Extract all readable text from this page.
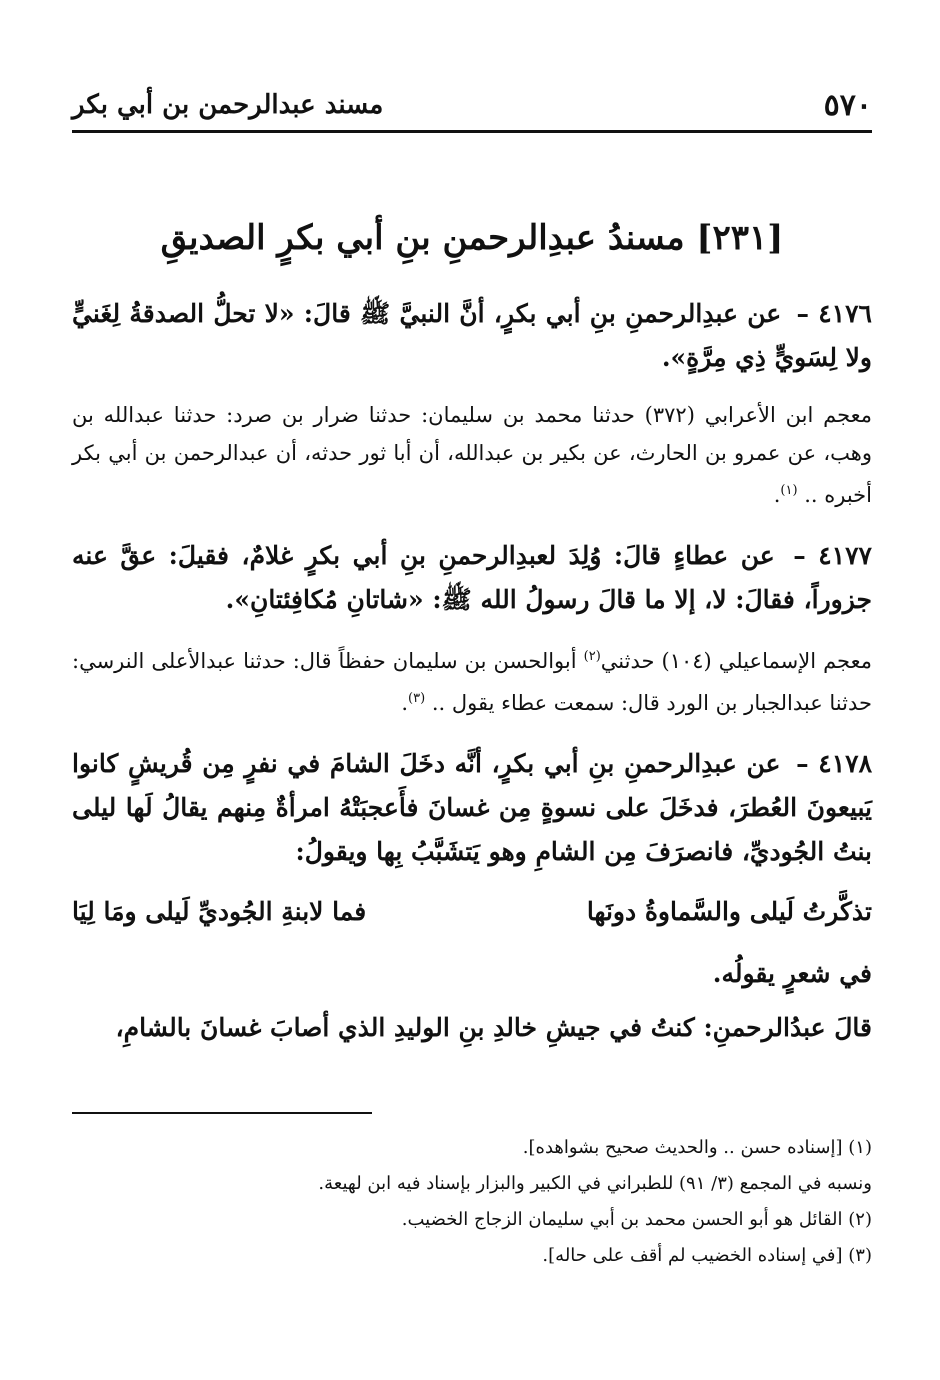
٥٧٠
مسند عبدالرحمن بن أبي بكر
[٢٣١] مسندُ عبدِالرحمنِ بنِ أبي بكرٍ الصديقِ

٤١٧٦ – عن عبدِالرحمنِ بنِ أبي بكرٍ، أنَّ النبيَّ ﷺ قالَ: «لا تحلُّ الصدقةُ لِغَنيٍّ ولا لِسَويٍّ ذِي مِرَّةٍ».

معجم ابن الأعرابي (٣٧٢) حدثنا محمد بن سليمان: حدثنا ضرار بن صرد: حدثنا عبدالله بن وهب، عن عمرو بن الحارث، عن بكير بن عبدالله، أن أبا ثور حدثه، أن عبدالرحمن بن أبي بكر أخبره .. $^{(١)}$.

٤١٧٧ – عن عطاءٍ قالَ: وُلِدَ لعبدِالرحمنِ بنِ أبي بكرٍ غلامٌ، فقيلَ: عقَّ عنه جزوراً، فقالَ: لا، إلا ما قالَ رسولُ الله ﷺ: «شاتانِ مُكافِئتانِ».

معجم الإسماعيلي (١٠٤) حدثني$^{(٢)}$ أبوالحسن بن سليمان حفظاً قال: حدثنا عبدالأعلى النرسي: حدثنا عبدالجبار بن الورد قال: سمعت عطاء يقول .. $^{(٣)}$.

٤١٧٨ – عن عبدِالرحمنِ بنِ أبي بكرٍ، أنَّه دخَلَ الشامَ في نفرٍ مِن قُريشٍ كانوا يَبيعونَ العُطرَ، فدخَلَ على نسوةٍ مِن غسانَ فأَعجبَتْهُ امرأةٌ مِنهم يقالُ لَها ليلى بنتُ الجُوديِّ، فانصرَفَ مِن الشامِ وهو يَتشَبَّبُ بِها ويقولُ:

تذكَّرتُ لَيلى والسَّماوةُ دونَها
فما لابنةِ الجُوديِّ لَيلى ومَا لِيَا

في شعرٍ يقولُه.

قالَ عبدُالرحمنِ: كنتُ في جيشِ خالدِ بنِ الوليدِ الذي أصابَ غسانَ بالشامِ،

(١) [إسناده حسن .. والحديث صحيح بشواهده].

ونسبه في المجمع (٣/ ٩١) للطبراني في الكبير والبزار بإسناد فيه ابن لهيعة.

(٢) القائل هو أبو الحسن محمد بن أبي سليمان الزجاج الخضيب.

(٣) [في إسناده الخضيب لم أقف على حاله].
